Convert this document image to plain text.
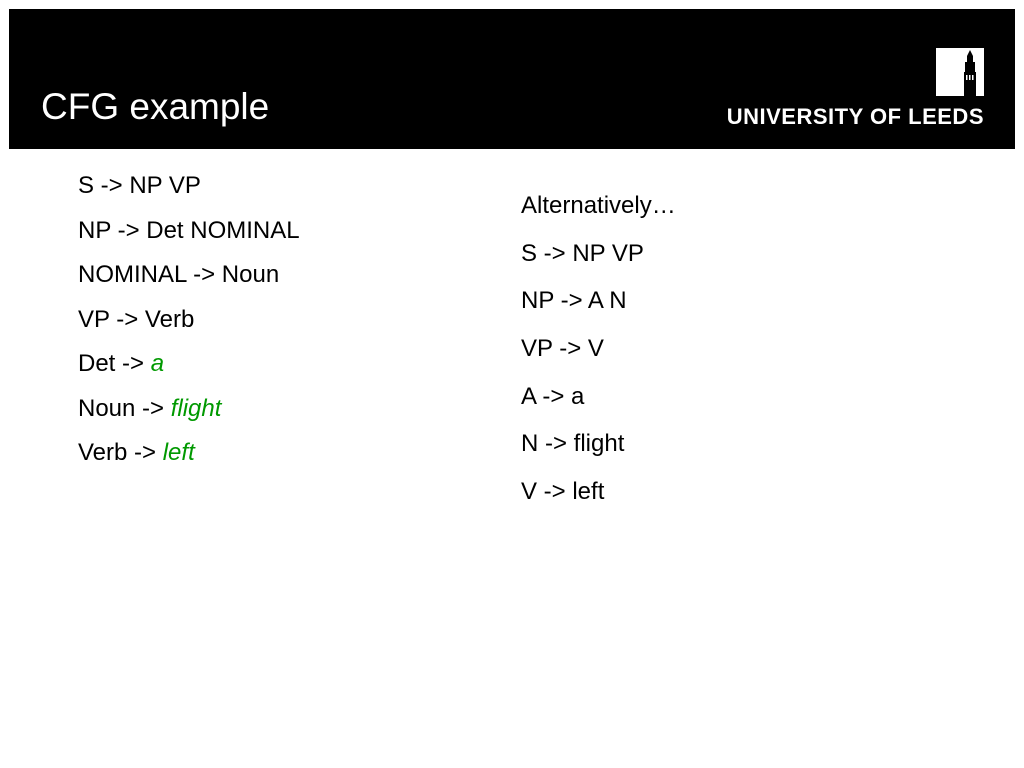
CFG example	UNIVERSITY OF LEEDS
S -> NP VP
NP -> Det NOMINAL
NOMINAL -> Noun
VP -> Verb
Det -> a
Noun -> flight
Verb -> left
Alternatively…
S -> NP VP
NP -> A N
VP -> V
A -> a
N -> flight
V -> left
